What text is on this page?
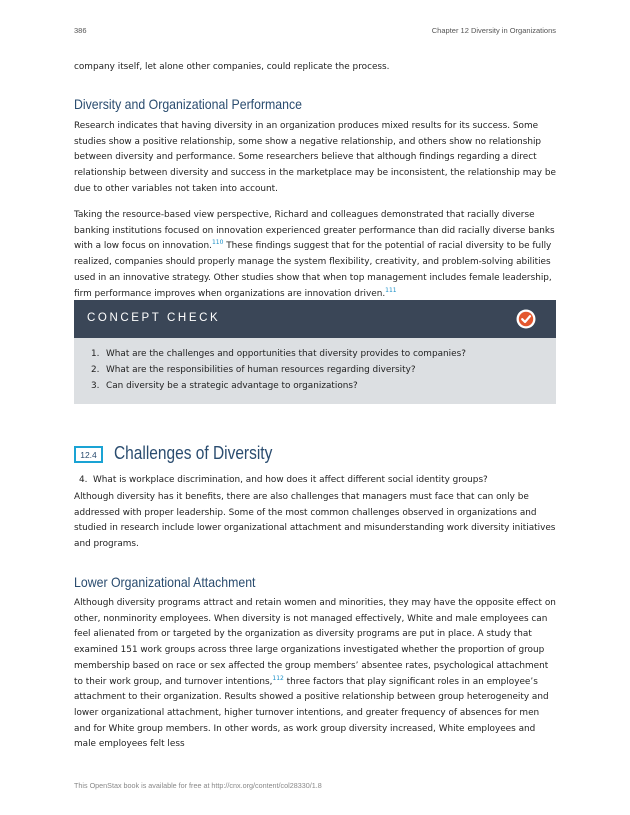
386	Chapter 12 Diversity in Organizations

company itself, let alone other companies, could replicate the process.

Diversity and Organizational Performance

Research indicates that having diversity in an organization produces mixed results for its success. Some studies show a positive relationship, some show a negative relationship, and others show no relationship between diversity and performance. Some researchers believe that although findings regarding a direct relationship between diversity and success in the marketplace may be inconsistent, the relationship may be due to other variables not taken into account.

Taking the resource-based view perspective, Richard and colleagues demonstrated that racially diverse banking institutions focused on innovation experienced greater performance than did racially diverse banks with a low focus on innovation.$^{110}$ These findings suggest that for the potential of racial diversity to be fully realized, companies should properly manage the system flexibility, creativity, and problem-solving abilities used in an innovative strategy. Other studies show that when top management includes female leadership, firm performance improves when organizations are innovation driven.$^{111}$

CONCEPT CHECK
1. What are the challenges and opportunities that diversity provides to companies?
2. What are the responsibilities of human resources regarding diversity?
3. Can diversity be a strategic advantage to organizations?
12.4 Challenges of Diversity
4. What is workplace discrimination, and how does it affect different social identity groups?

Although diversity has it benefits, there are also challenges that managers must face that can only be addressed with proper leadership. Some of the most common challenges observed in organizations and studied in research include lower organizational attachment and misunderstanding work diversity initiatives and programs.

Lower Organizational Attachment

Although diversity programs attract and retain women and minorities, they may have the opposite effect on other, nonminority employees. When diversity is not managed effectively, White and male employees can feel alienated from or targeted by the organization as diversity programs are put in place. A study that examined 151 work groups across three large organizations investigated whether the proportion of group membership based on race or sex affected the group members’ absentee rates, psychological attachment to their work group, and turnover intentions,$^{112}$ three factors that play significant roles in an employee’s attachment to their organization. Results showed a positive relationship between group heterogeneity and lower organizational attachment, higher turnover intentions, and greater frequency of absences for men and for White group members. In other words, as work group diversity increased, White employees and male employees felt less

This OpenStax book is available for free at http://cnx.org/content/col28330/1.8
